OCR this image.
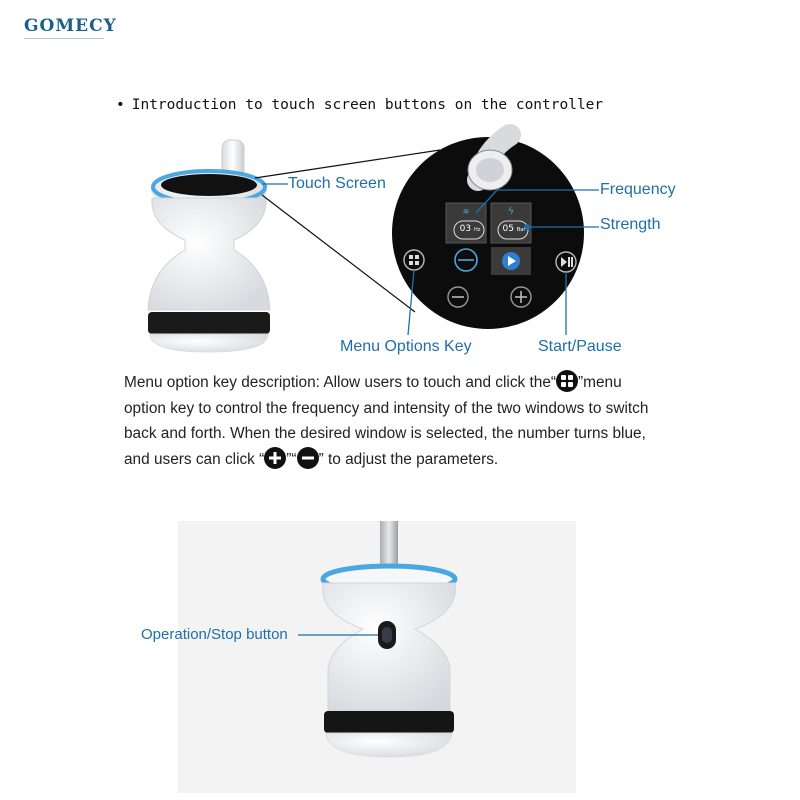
GOMECY
• Introduction to touch screen buttons on the controller
≋	ϟ
03 Hz	05 Bar
Touch Screen	Frequency
Strength
Menu Options Key	Start/Pause
Menu option key description: Allow users to touch and click the“ ”menu
option key to control the frequency and intensity of the two windows to switch
back and forth. When the desired window is selected, the number turns blue,
and users can click “ ”“ ” to adjust the parameters.
Operation/Stop button
